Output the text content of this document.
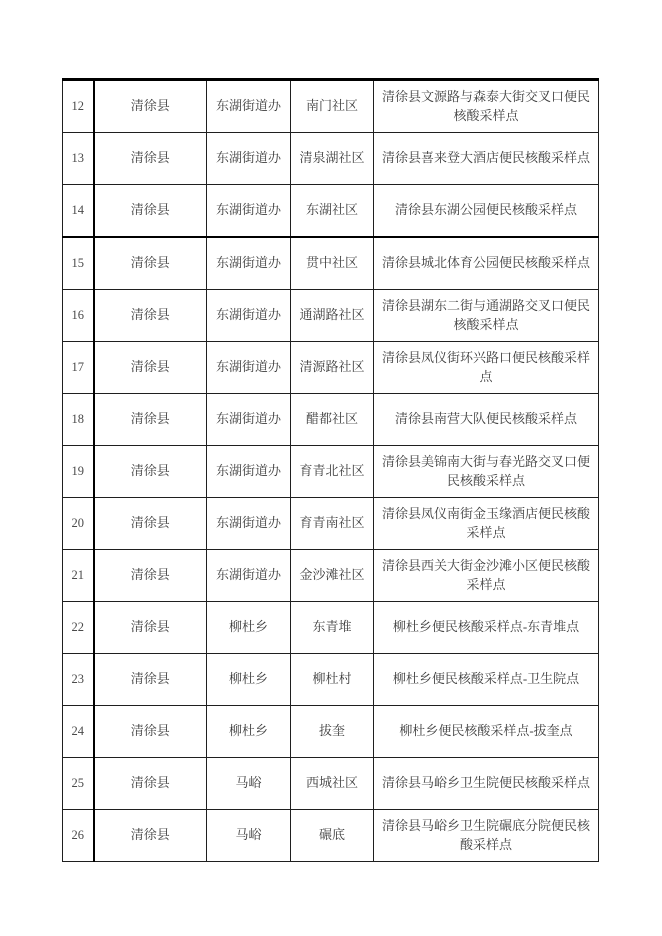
12	清徐县	东湖街道办	南门社区	清徐县文源路与森泰大街交叉口便民核酸采样点
13	清徐县	东湖街道办	清泉湖社区	清徐县喜来登大酒店便民核酸采样点
14	清徐县	东湖街道办	东湖社区	清徐县东湖公园便民核酸采样点
15	清徐县	东湖街道办	贯中社区	清徐县城北体育公园便民核酸采样点
16	清徐县	东湖街道办	通湖路社区	清徐县湖东二街与通湖路交叉口便民核酸采样点
17	清徐县	东湖街道办	清源路社区	清徐县凤仪街环兴路口便民核酸采样点
18	清徐县	东湖街道办	醋都社区	清徐县南营大队便民核酸采样点
19	清徐县	东湖街道办	育青北社区	清徐县美锦南大街与春光路交叉口便民核酸采样点
20	清徐县	东湖街道办	育青南社区	清徐县凤仪南街金玉缘酒店便民核酸采样点
21	清徐县	东湖街道办	金沙滩社区	清徐县西关大街金沙滩小区便民核酸采样点
22	清徐县	柳杜乡	东青堆	柳杜乡便民核酸采样点-东青堆点
23	清徐县	柳杜乡	柳杜村	柳杜乡便民核酸采样点-卫生院点
24	清徐县	柳杜乡	拔奎	柳杜乡便民核酸采样点-拔奎点
25	清徐县	马峪	西城社区	清徐县马峪乡卫生院便民核酸采样点
26	清徐县	马峪	碾底	清徐县马峪乡卫生院碾底分院便民核酸采样点
